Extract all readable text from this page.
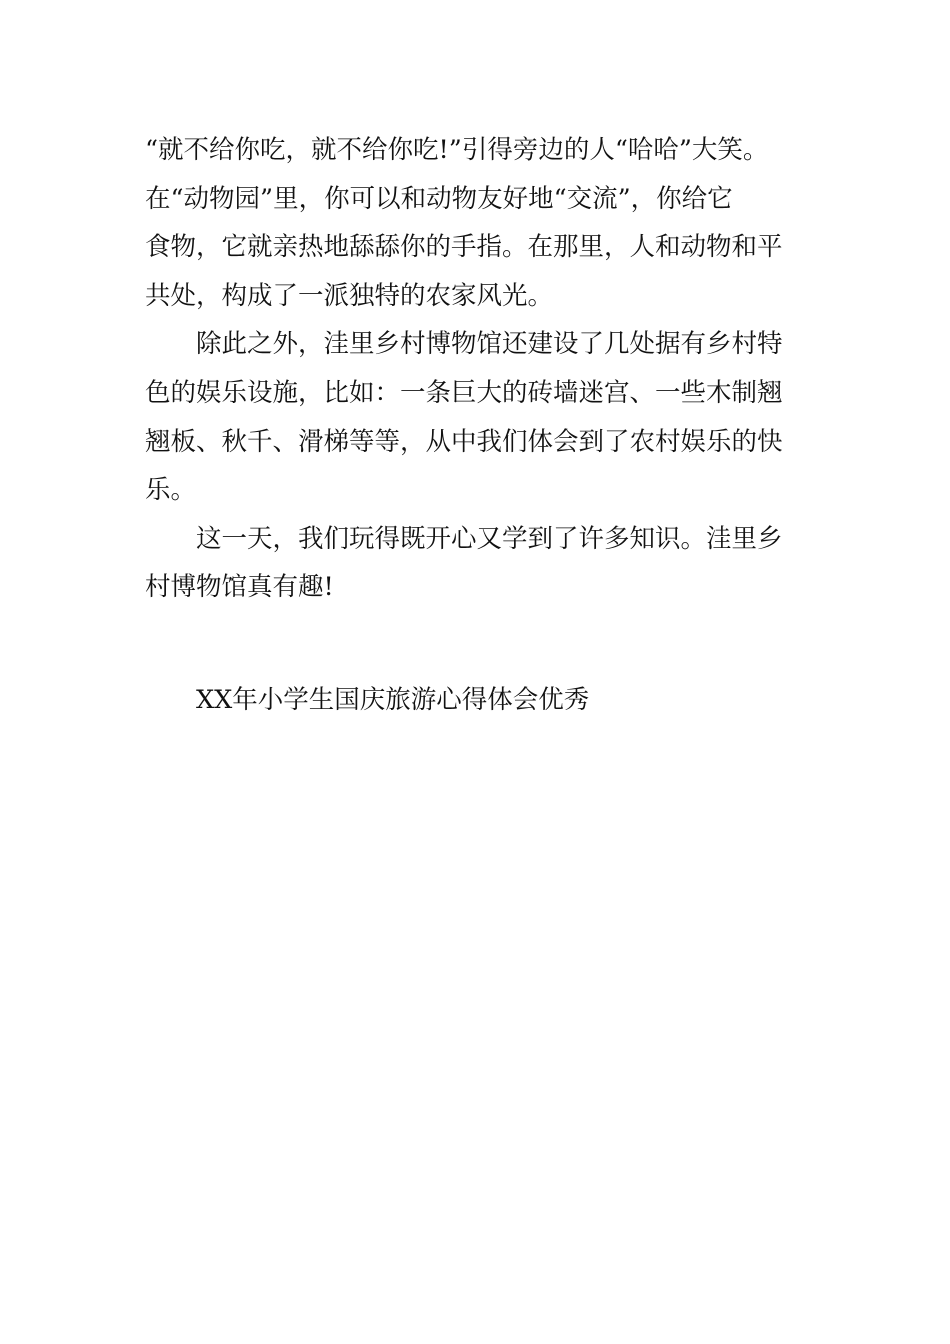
“就不给你吃，就不给你吃!”引得旁边的人“哈哈”大笑。
在“动物园”里，你可以和动物友好地“交流”，你给它
食物，它就亲热地舔舔你的手指。在那里，人和动物和平
共处，构成了一派独特的农家风光。

除此之外，洼里乡村博物馆还建设了几处据有乡村特
色的娱乐设施，比如：一条巨大的砖墙迷宫、一些木制翘
翘板、秋千、滑梯等等，从中我们体会到了农村娱乐的快
乐。

这一天，我们玩得既开心又学到了许多知识。洼里乡
村博物馆真有趣!

XX年小学生国庆旅游心得体会优秀
